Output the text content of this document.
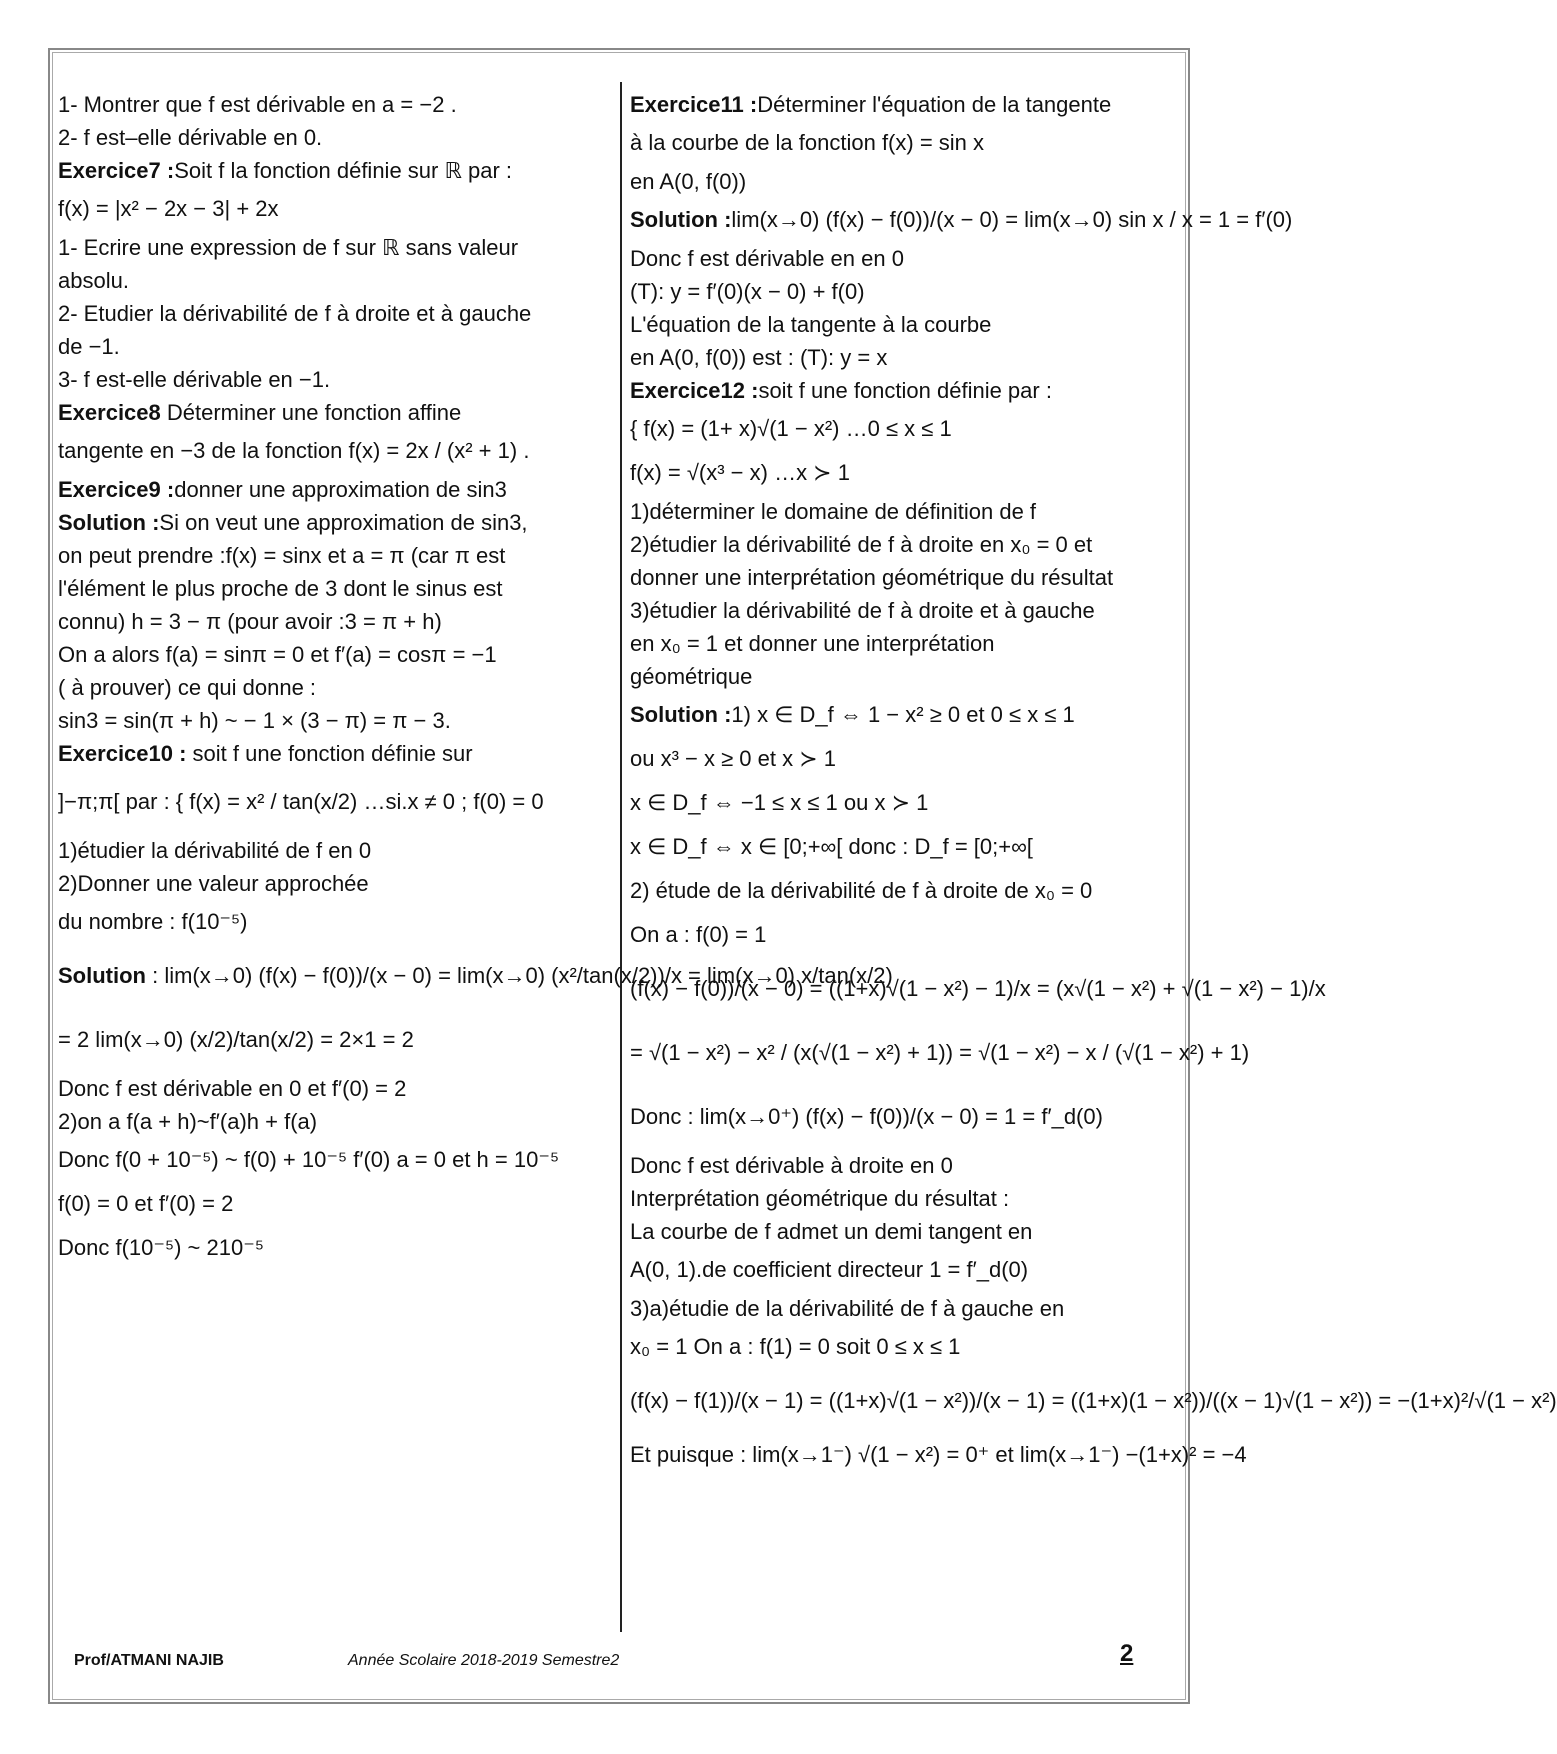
1- Montrer que f est dérivable en a = −2 .
2- f est–elle dérivable en 0.
Exercice7 :Soit f la fonction définie sur ℝ par :
f(x) = |x² − 2x − 3| + 2x
1- Ecrire une expression de f sur ℝ sans valeur
absolu.
2- Etudier la dérivabilité de f à droite et à gauche
de −1.
3- f est-elle dérivable en −1.
Exercice8 Déterminer une fonction affine
tangente en −3 de la fonction f(x) = 2x / (x² + 1) .
Exercice9 :donner une approximation de sin3
Solution :Si on veut une approximation de sin3,
on peut prendre :f(x) = sinx et a = π (car π est
l'élément le plus proche de 3 dont le sinus est
connu) h = 3 − π (pour avoir :3 = π + h)
On a alors f(a) = sinπ = 0 et f′(a) = cosπ = −1
( à prouver) ce qui donne :
sin3 = sin(π + h) ~ − 1 × (3 − π) = π − 3.
Exercice10 : soit f une fonction définie sur
]−π;π[ par : { f(x) = x² / tan(x/2) …si.x ≠ 0 ; f(0) = 0
1)étudier la dérivabilité de f en 0
2)Donner une valeur approchée
du nombre : f(10⁻⁵)
Solution : lim(x→0) (f(x) − f(0))/(x − 0) = lim(x→0) (x²/tan(x/2))/x = lim(x→0) x/tan(x/2)
= 2 lim(x→0) (x/2)/tan(x/2) = 2×1 = 2
Donc f est dérivable en 0 et f′(0) = 2
2)on a f(a + h)~f′(a)h + f(a)
Donc f(0 + 10⁻⁵) ~ f(0) + 10⁻⁵ f′(0) a = 0 et h = 10⁻⁵
f(0) = 0 et f′(0) = 2
Donc f(10⁻⁵) ~ 210⁻⁵
Exercice11 :Déterminer l'équation de la tangente
à la courbe de la fonction f(x) = sin x
en A(0, f(0))
Solution :lim(x→0) (f(x) − f(0))/(x − 0) = lim(x→0) sin x / x = 1 = f′(0)
Donc f est dérivable en en 0
(T): y = f′(0)(x − 0) + f(0)
L'équation de la tangente à la courbe
en A(0, f(0)) est : (T): y = x
Exercice12 :soit f une fonction définie par :
{ f(x) = (1+ x)√(1 − x²) …0 ≤ x ≤ 1
f(x) = √(x³ − x) …x ≻ 1
1)déterminer le domaine de définition de f
2)étudier la dérivabilité de f à droite en x₀ = 0 et
donner une interprétation géométrique du résultat
3)étudier la dérivabilité de f à droite et à gauche
en x₀ = 1 et donner une interprétation
géométrique
Solution :1) x ∈ D_f ⇔ 1 − x² ≥ 0 et 0 ≤ x ≤ 1
ou x³ − x ≥ 0 et x ≻ 1
x ∈ D_f ⇔ −1 ≤ x ≤ 1 ou x ≻ 1
x ∈ D_f ⇔ x ∈ [0;+∞[ donc : D_f = [0;+∞[
2) étude de la dérivabilité de f à droite de x₀ = 0
On a : f(0) = 1
(f(x) − f(0))/(x − 0) = ((1+x)√(1 − x²) − 1)/x = (x√(1 − x²) + √(1 − x²) − 1)/x
= √(1 − x²) − x² / (x(√(1 − x²) + 1)) = √(1 − x²) − x / (√(1 − x²) + 1)
Donc : lim(x→0⁺) (f(x) − f(0))/(x − 0) = 1 = f′_d(0)
Donc f est dérivable à droite en 0
Interprétation géométrique du résultat :
La courbe de f admet un demi tangent en
A(0, 1).de coefficient directeur 1 = f′_d(0)
3)a)étudie de la dérivabilité de f à gauche en
x₀ = 1 On a : f(1) = 0 soit 0 ≤ x ≤ 1
(f(x) − f(1))/(x − 1) = ((1+x)√(1 − x²))/(x − 1) = ((1+x)(1 − x²))/((x − 1)√(1 − x²)) = −(1+x)²/√(1 − x²)
Et puisque : lim(x→1⁻) √(1 − x²) = 0⁺ et lim(x→1⁻) −(1+x)² = −4
Prof/ATMANI NAJIB	Année Scolaire 2018-2019 Semestre2	2
